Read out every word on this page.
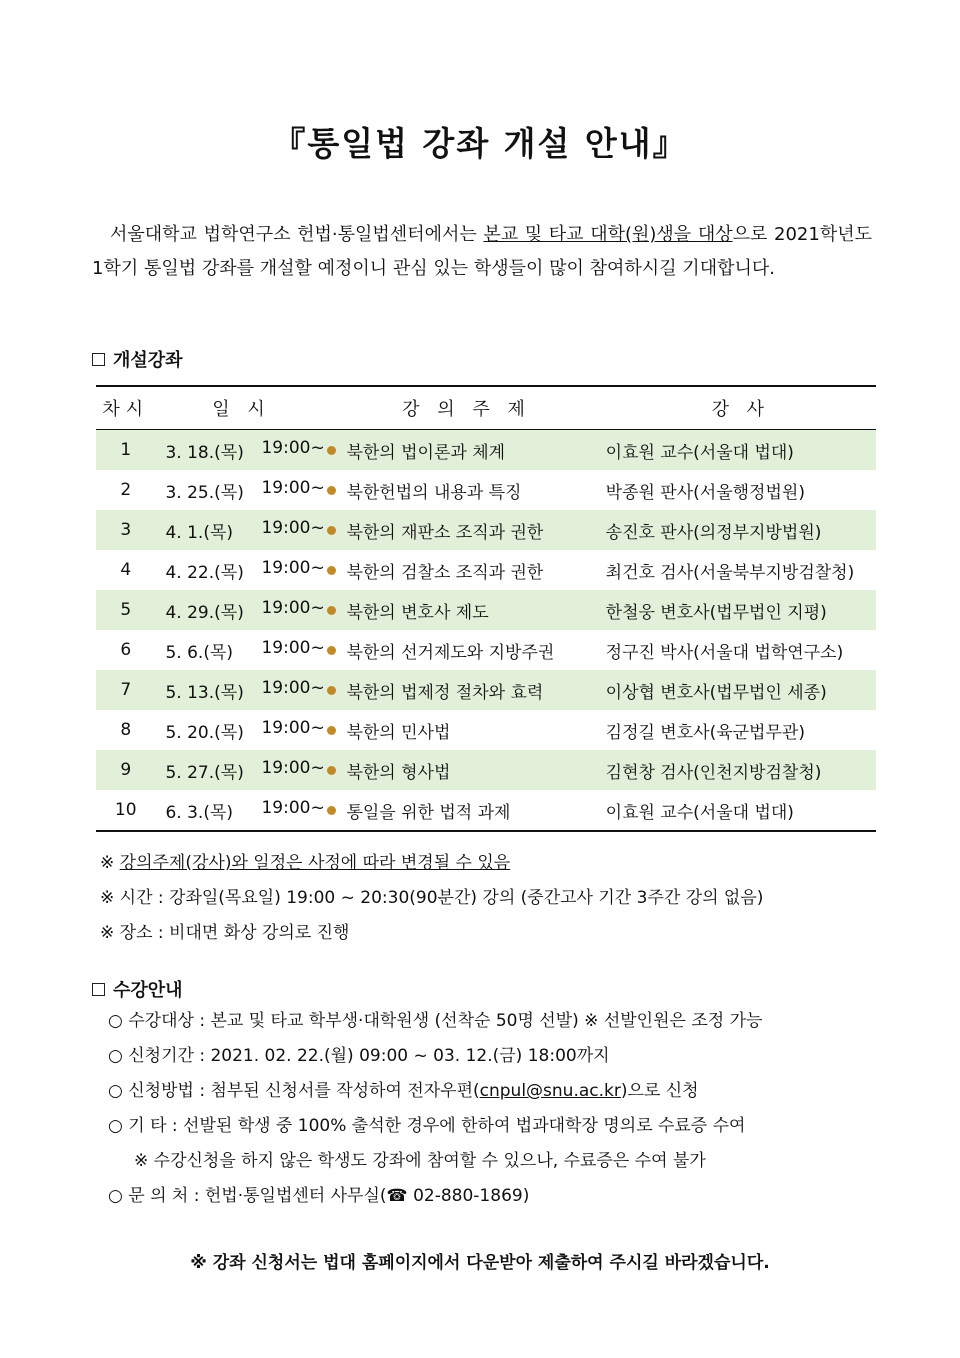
『통일법 강좌 개설 안내』

서울대학교 법학연구소 헌법·통일법센터에서는 본교 및 타교 대학(원)생을 대상으로 2021학년도 1학기 통일법 강좌를 개설할 예정이니 관심 있는 학생들이 많이 참여하시길 기대합니다.

개설강좌
차시	일 시	강 의 주 제	강 사
1	3. 18.(목) 19:00~	북한의 법이론과 체계	이효원 교수(서울대 법대)
2	3. 25.(목) 19:00~	북한헌법의 내용과 특징	박종원 판사(서울행정법원)
3	4. 1.(목) 19:00~	북한의 재판소 조직과 권한	송진호 판사(의정부지방법원)
4	4. 22.(목) 19:00~	북한의 검찰소 조직과 권한	최건호 검사(서울북부지방검찰청)
5	4. 29.(목) 19:00~	북한의 변호사 제도	한철웅 변호사(법무법인 지평)
6	5. 6.(목) 19:00~	북한의 선거제도와 지방주권	정구진 박사(서울대 법학연구소)
7	5. 13.(목) 19:00~	북한의 법제정 절차와 효력	이상협 변호사(법무법인 세종)
8	5. 20.(목) 19:00~	북한의 민사법	김정길 변호사(육군법무관)
9	5. 27.(목) 19:00~	북한의 형사법	김현창 검사(인천지방검찰청)
10	6. 3.(목) 19:00~	통일을 위한 법적 과제	이효원 교수(서울대 법대)
※ 강의주제(강사)와 일정은 사정에 따라 변경될 수 있음
※ 시간 : 강좌일(목요일) 19:00 ~ 20:30(90분간) 강의 (중간고사 기간 3주간 강의 없음)
※ 장소 : 비대면 화상 강의로 진행
수강안내
○ 수강대상 : 본교 및 타교 학부생·대학원생 (선착순 50명 선발) ※ 선발인원은 조정 가능
○ 신청기간 : 2021. 02. 22.(월) 09:00 ~ 03. 12.(금) 18:00까지
○ 신청방법 : 첨부된 신청서를 작성하여 전자우편(cnpul@snu.ac.kr)으로 신청
○ 기 타 : 선발된 학생 중 100% 출석한 경우에 한하여 법과대학장 명의로 수료증 수여
※ 수강신청을 하지 않은 학생도 강좌에 참여할 수 있으나, 수료증은 수여 불가
○ 문 의 처 : 헌법·통일법센터 사무실(☎ 02-880-1869)
※ 강좌 신청서는 법대 홈페이지에서 다운받아 제출하여 주시길 바라겠습니다.
